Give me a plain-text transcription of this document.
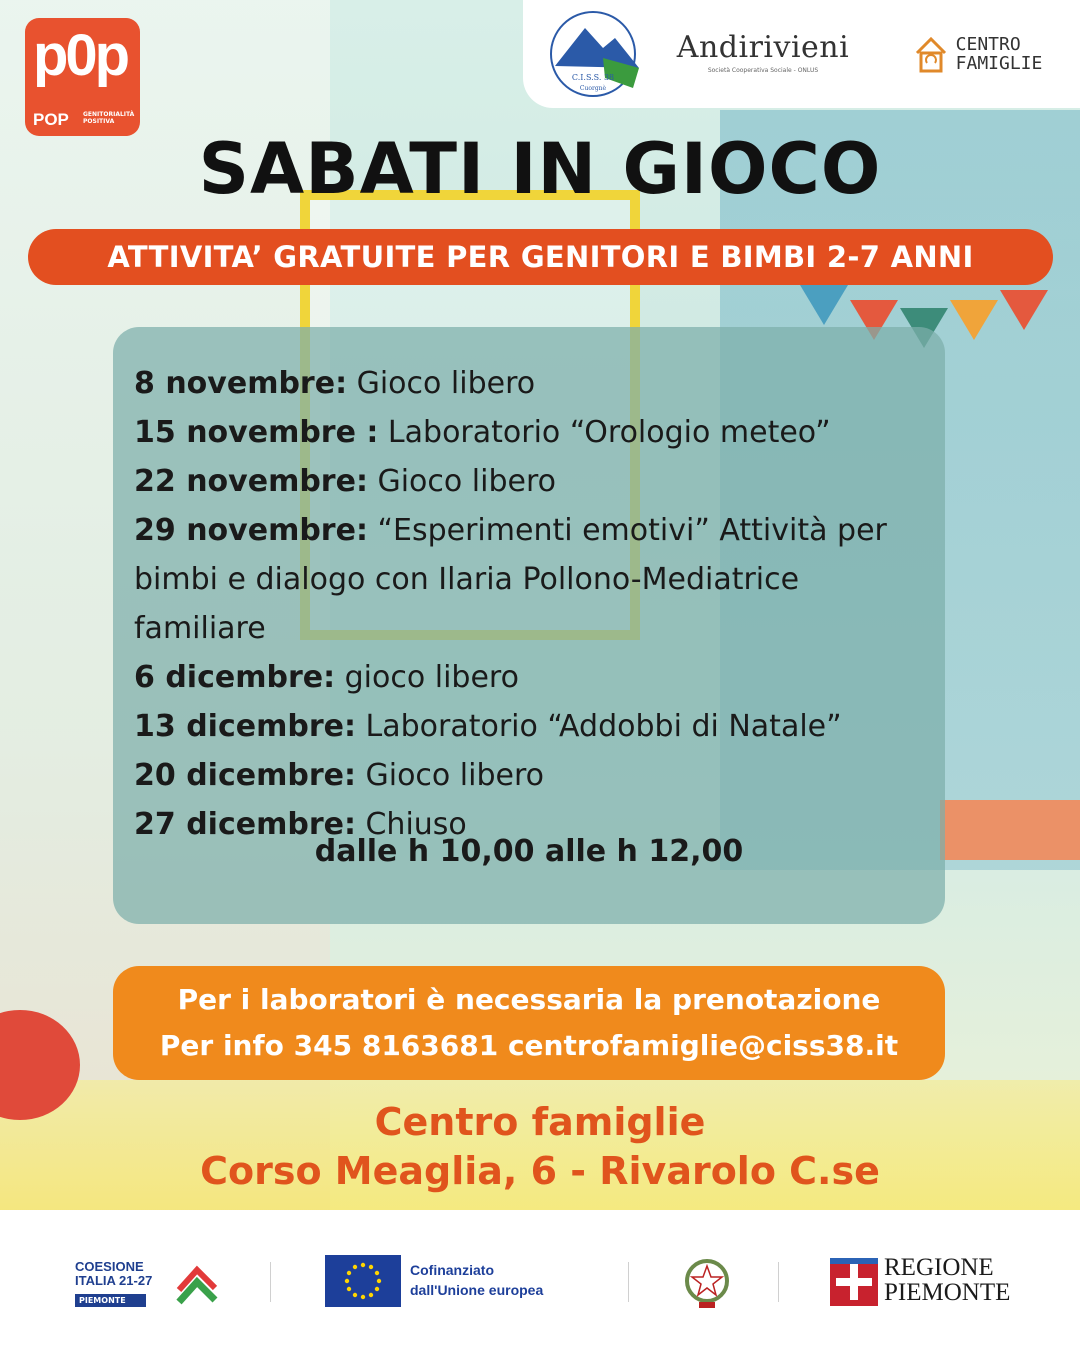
p0p
POP GENITORIALITÀ
POSITIVA
C.I.S.S. 38
Cuorgnè
Andirivieni
Società Cooperativa Sociale - ONLUS
CENTRO
FAMIGLIE
SABATI IN GIOCO
ATTIVITA’ GRATUITE PER GENITORI E BIMBI 2-7 ANNI
8 novembre: Gioco libero
15 novembre : Laboratorio “Orologio meteo”
22 novembre: Gioco libero
29 novembre: “Esperimenti emotivi” Attività per bimbi e dialogo con Ilaria Pollono-Mediatrice familiare
6 dicembre: gioco libero
13 dicembre: Laboratorio “Addobbi di Natale”
20 dicembre: Gioco libero
27 dicembre: Chiuso
dalle h 10,00 alle h 12,00

Per i laboratori è necessaria la prenotazione

Per info 345 8163681 centrofamiglie@ciss38.it

Centro famiglie
Corso Meaglia, 6 - Rivarolo C.se
COESIONE
ITALIA 21-27
PIEMONTE
Cofinanziato
dall'Unione europea
REGIONE
PIEMONTE
